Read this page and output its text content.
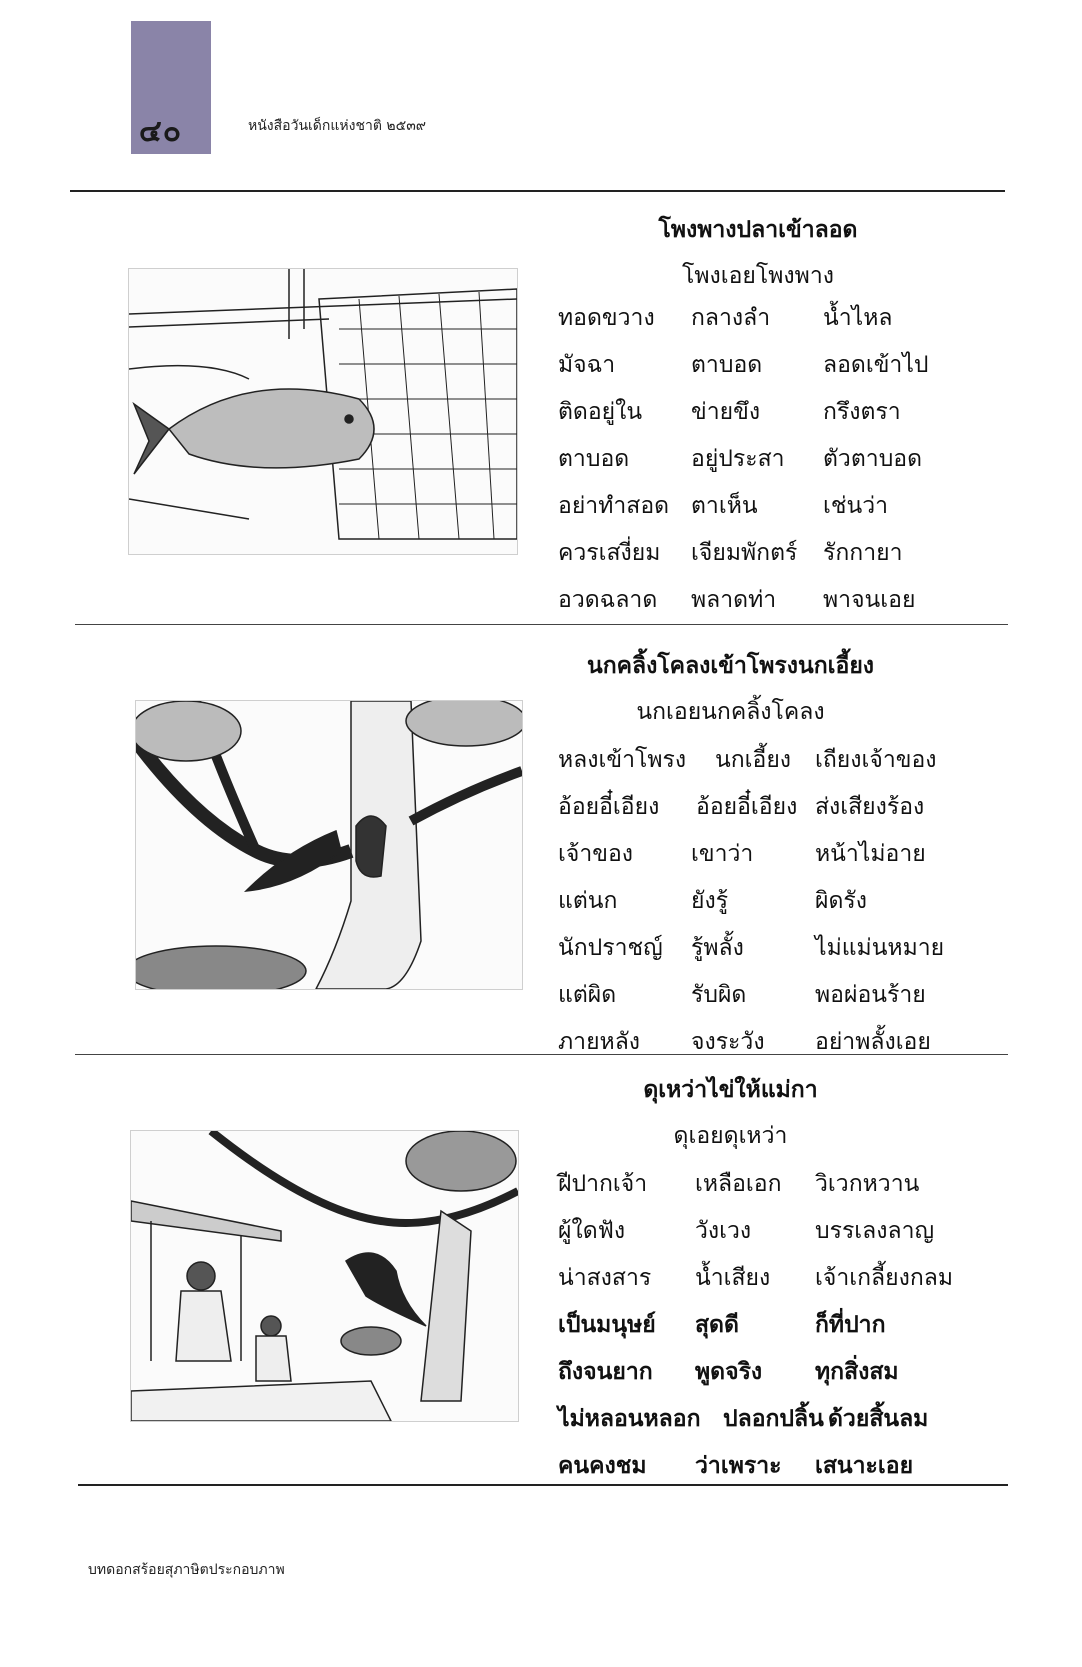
๔๐	หนังสือวันเด็กแห่งชาติ ๒๕๓๙
โพงพางปลาเข้าลอด
โพงเอยโพงพาง
ทอดขวาง กลางลำ น้ำไหล
มัจฉา	ตาบอด	ลอดเข้าไป
ติดอยู่ใน ข่ายขึง	กรึงตรา
ตาบอด	อยู่ประสา ตัวตาบอด
อย่าทำสอด ตาเห็น	เช่นว่า
ควรเสงี่ยม เจียมพักตร์ รักกายา
อวดฉลาด พลาดท่า พาจนเอย
นกคลิ้งโคลงเข้าโพรงนกเอี้ยง
นกเอยนกคลิ้งโคลง
หลงเข้าโพรง นกเอี้ยง เถียงเจ้าของ
อ้อยอี๋เอียง อ้อยอี๋เอียง ส่งเสียงร้อง
เจ้าของ	เขาว่า	หน้าไม่อาย
แต่นก	ยังรู้	ผิดรัง
นักปราชญ์ รู้พลั้ง	ไม่แม่นหมาย
แต่ผิด	รับผิด	พอผ่อนร้าย
ภายหลัง จงระวัง อย่าพลั้งเอย
ดุเหว่าไข่ให้แม่กา
ดุเอยดุเหว่า
ฝีปากเจ้า เหลือเอก วิเวกหวาน
ผู้ใดฟัง	วังเวง	บรรเลงลาญ
น่าสงสาร น้ำเสียง เจ้าเกลี้ยงกลม
เป็นมนุษย์ สุดดี	ก็ที่ปาก
ถึงจนยาก พูดจริง ทุกสิ่งสม
ไม่หลอนหลอก ปลอกปลิ้น ด้วยสิ้นลม
คนคงชม ว่าเพราะ เสนาะเอย
บทดอกสร้อยสุภาษิตประกอบภาพ
